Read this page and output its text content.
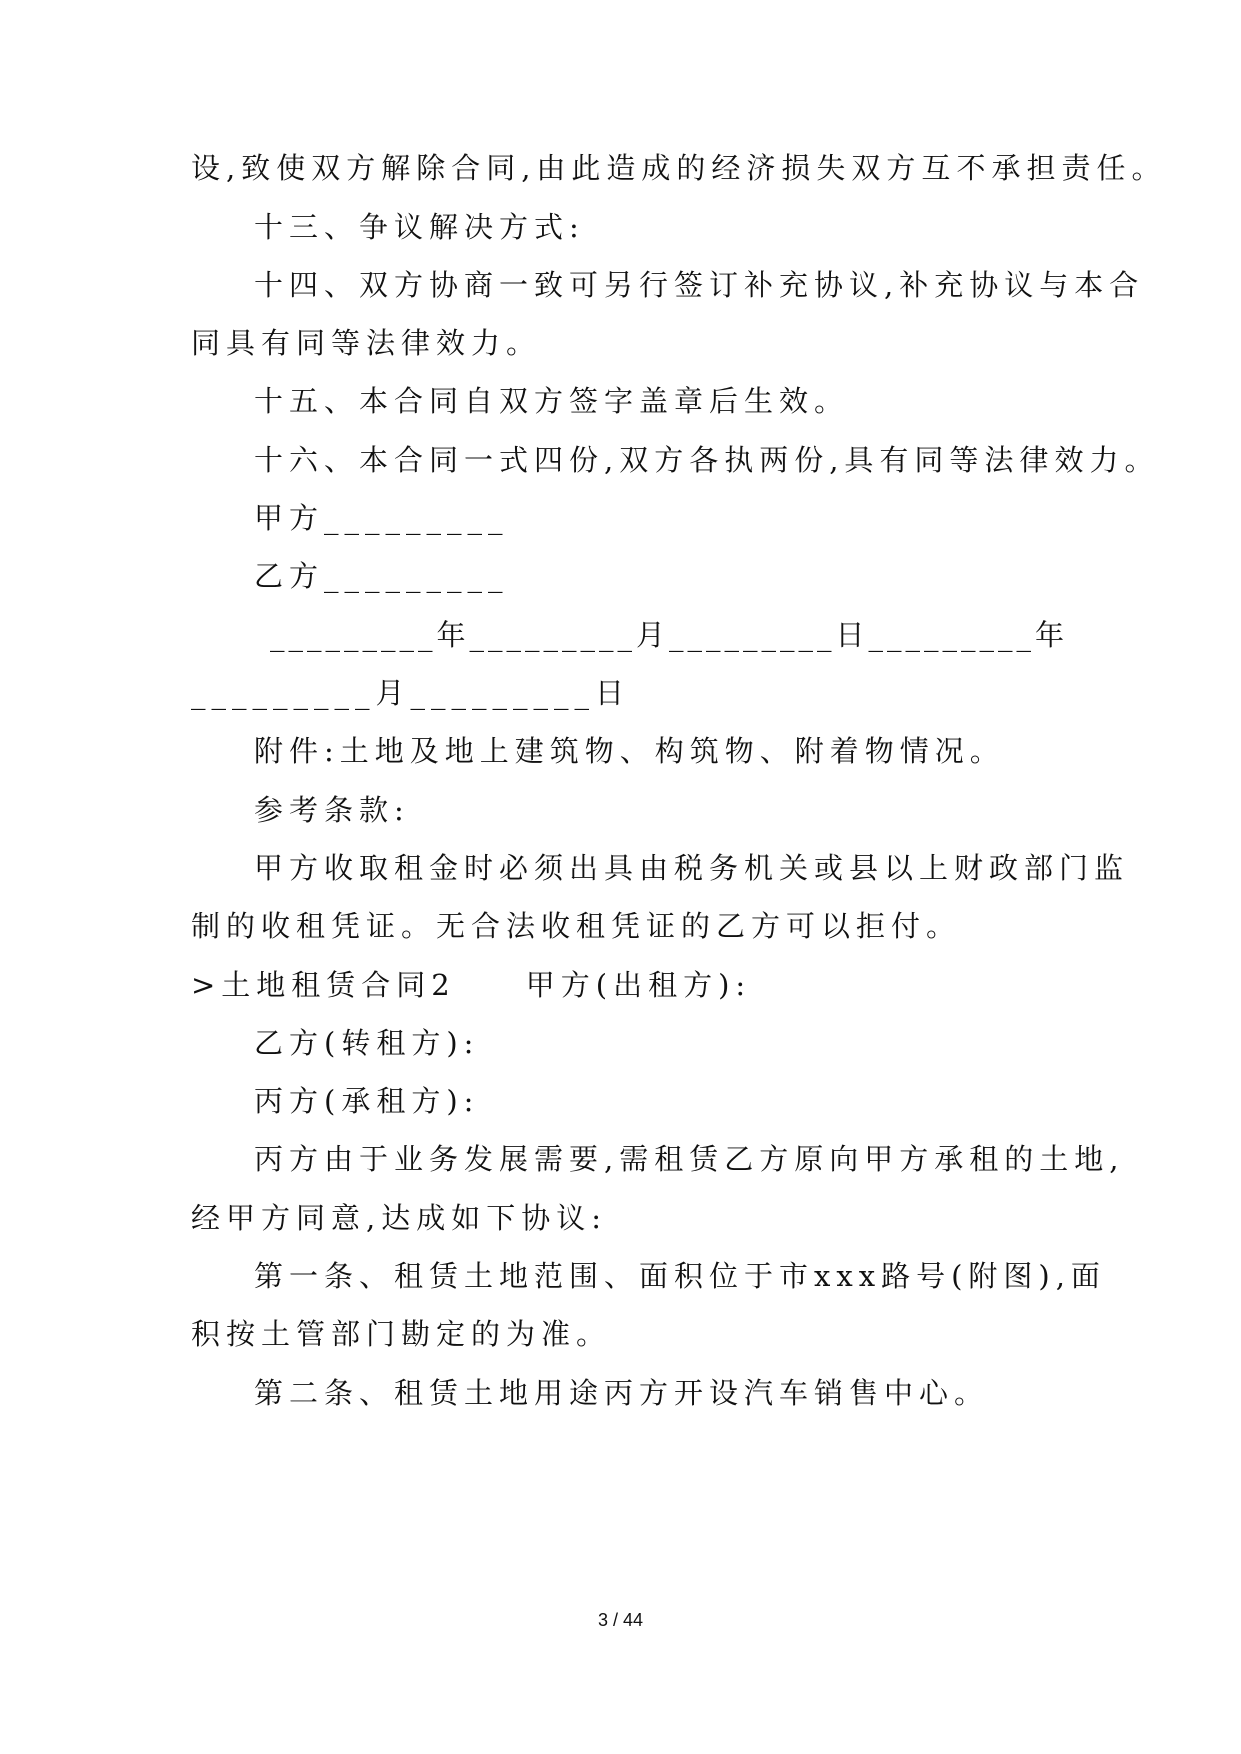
设,致使双方解除合同,由此造成的经济损失双方互不承担责任。
十三、争议解决方式:
十四、双方协商一致可另行签订补充协议,补充协议与本合
同具有同等法律效力。
十五、本合同自双方签字盖章后生效。
十六、本合同一式四份,双方各执两份,具有同等法律效力。
甲方_________
乙方_________
_________年_________月_________日_________年
_________月_________日
附件:土地及地上建筑物、构筑物、附着物情况。
参考条款:
甲方收取租金时必须出具由税务机关或县以上财政部门监
制的收租凭证。无合法收租凭证的乙方可以拒付。
>土地租赁合同2　　甲方(出租方):
乙方(转租方):
丙方(承租方):
丙方由于业务发展需要,需租赁乙方原向甲方承租的土地,
经甲方同意,达成如下协议:
第一条、租赁土地范围、面积位于市xxx路号(附图),面
积按土管部门勘定的为准。
第二条、租赁土地用途丙方开设汽车销售中心。
3 / 44
